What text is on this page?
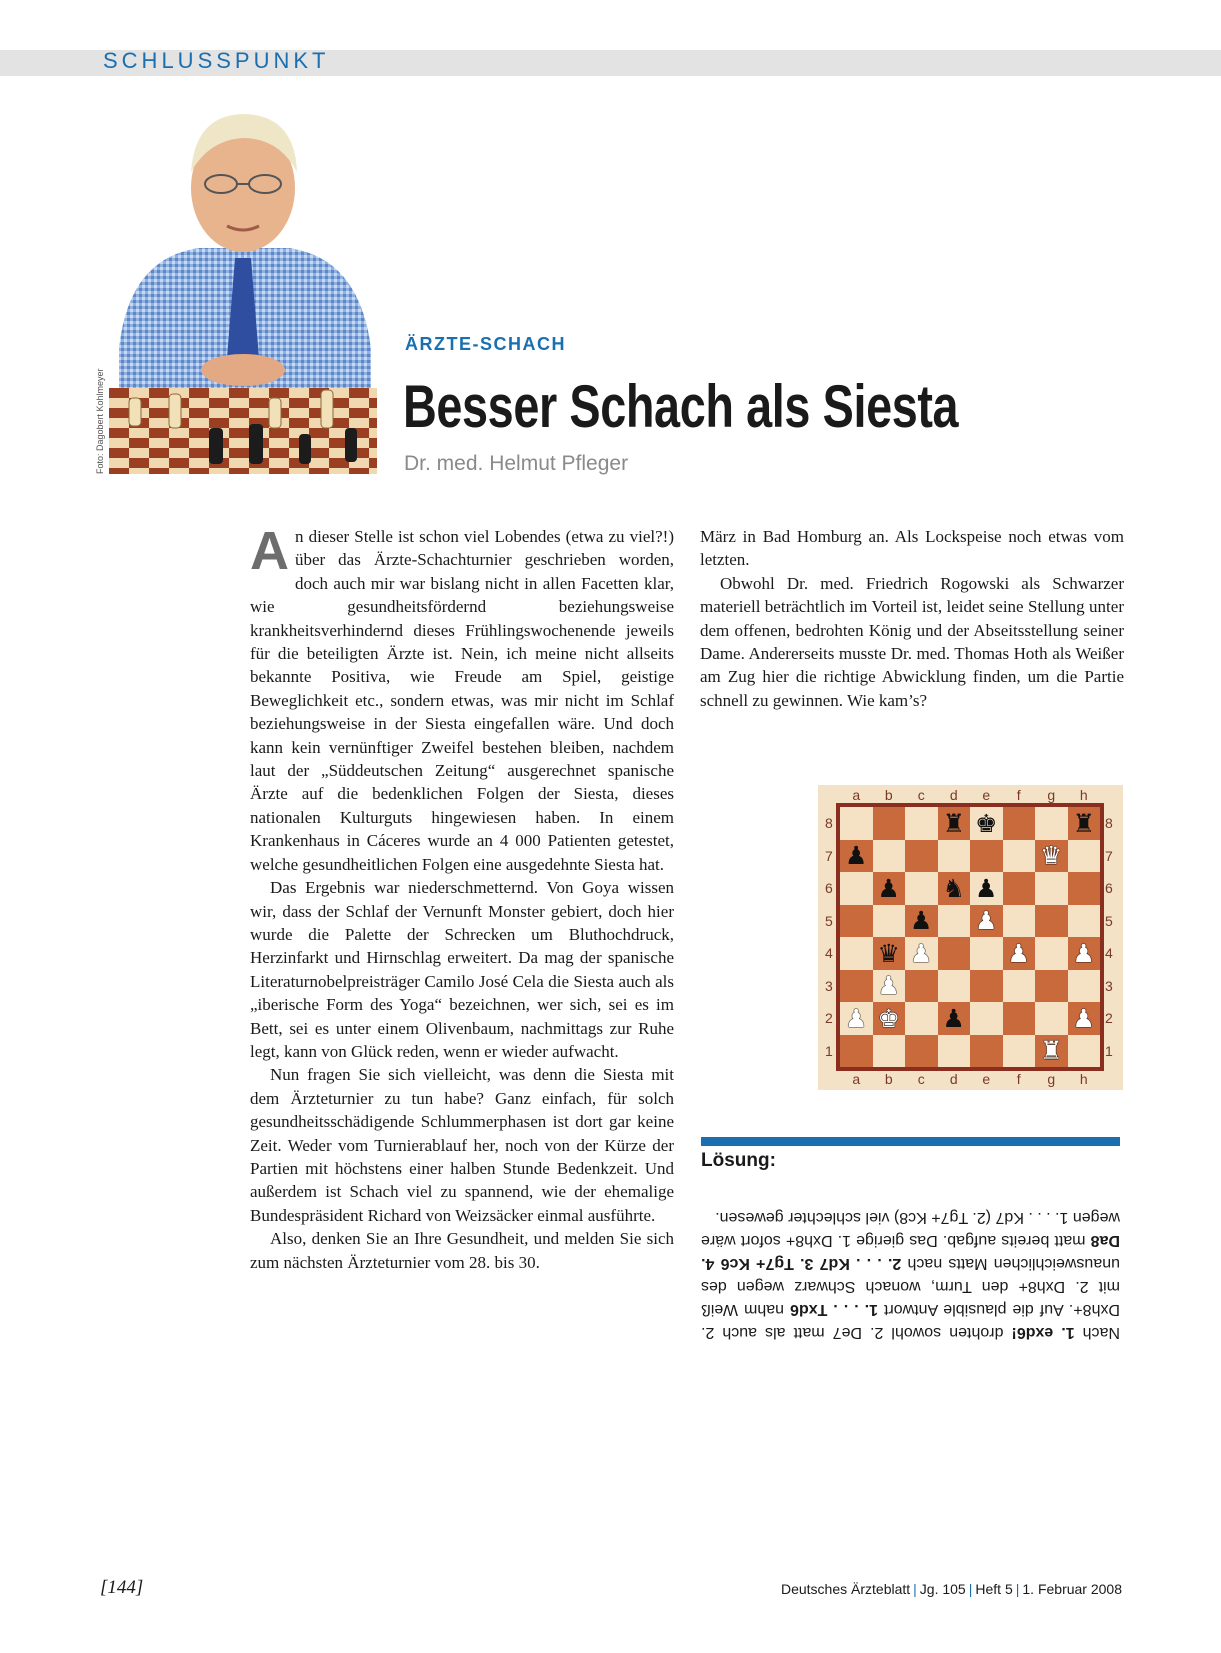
SCHLUSSPUNKT
Foto: Dagobert Kohlmeyer
ÄRZTE-SCHACH
Besser Schach als Siesta
Dr. med. Helmut Pfleger

An dieser Stelle ist schon viel Lobendes (etwa zu viel?!) über das Ärzte-Schachturnier geschrieben worden, doch auch mir war bislang nicht in allen Facetten klar, wie gesundheitsfördernd beziehungsweise krankheitsverhindernd dieses Frühlingswochenende jeweils für die beteiligten Ärzte ist. Nein, ich meine nicht allseits bekannte Positiva, wie Freude am Spiel, geistige Beweglichkeit etc., sondern etwas, was mir nicht im Schlaf beziehungsweise in der Siesta eingefallen wäre. Und doch kann kein vernünftiger Zweifel bestehen bleiben, nachdem laut der „Süddeutschen Zeitung“ ausgerechnet spanische Ärzte auf die bedenklichen Folgen der Siesta, dieses nationalen Kulturguts hingewiesen haben. In einem Krankenhaus in Cáceres wurde an 4 000 Patienten getestet, welche gesundheitlichen Folgen eine ausgedehnte Siesta hat.

Das Ergebnis war niederschmetternd. Von Goya wissen wir, dass der Schlaf der Vernunft Monster gebiert, doch hier wurde die Palette der Schrecken um Bluthochdruck, Herzinfarkt und Hirnschlag erweitert. Da mag der spanische Literaturnobelpreisträger Camilo José Cela die Siesta auch als „iberische Form des Yoga“ bezeichnen, wer sich, sei es im Bett, sei es unter einem Olivenbaum, nachmittags zur Ruhe legt, kann von Glück reden, wenn er wieder aufwacht.

Nun fragen Sie sich vielleicht, was denn die Siesta mit dem Ärzteturnier zu tun habe? Ganz einfach, für solch gesundheitsschädigende Schlummerphasen ist dort gar keine Zeit. Weder vom Turnierablauf her, noch von der Kürze der Partien mit höchstens einer halben Stunde Bedenkzeit. Und außerdem ist Schach viel zu spannend, wie der ehemalige Bundespräsident Richard von Weizsäcker einmal ausführte.

Also, denken Sie an Ihre Gesundheit, und melden Sie sich zum nächsten Ärzteturnier vom 28. bis 30.

März in Bad Homburg an. Als Lockspeise noch etwas vom letzten.

Obwohl Dr. med. Friedrich Rogowski als Schwarzer materiell beträchtlich im Vorteil ist, leidet seine Stellung unter dem offenen, bedrohten König und der Abseitsstellung seiner Dame. Andererseits musste Dr. med. Thomas Hoth als Weißer am Zug hier die richtige Abwicklung finden, um die Partie schnell zu gewinnen. Wie kam’s?

a	b	c	d	e	f	g	h
a	b	c	d	e	f	g	h
8
7
6
5
4
3
2
1
8
7
6
5
4
3
2
1
♜ ♚	♜
♟	♛
♟ ♞ ♟
♟ ♟
♛ ♟	♟ ♟
♟
♟ ♚ ♟	♟
♜
Lösung:
Nach 1. exd6! drohten sowohl 2. De7 matt als auch 2. Dxh8+. Auf die plausible Antwort 1. . . . Txd6 nahm Weiß mit 2. Dxh8+ den Turm, wonach Schwarz wegen des unausweichlichen Matts nach 2. . . . Kd7 3. Tg7+ Kc6 4. Da8 matt bereits aufgab. Das gierige 1. Dxh8+ sofort wäre wegen 1. . . . Kd7 (2. Tg7+ Kc8) viel schlechter gewesen.
[144]	Deutsches Ärzteblatt | Jg. 105 | Heft 5 | 1. Februar 2008
